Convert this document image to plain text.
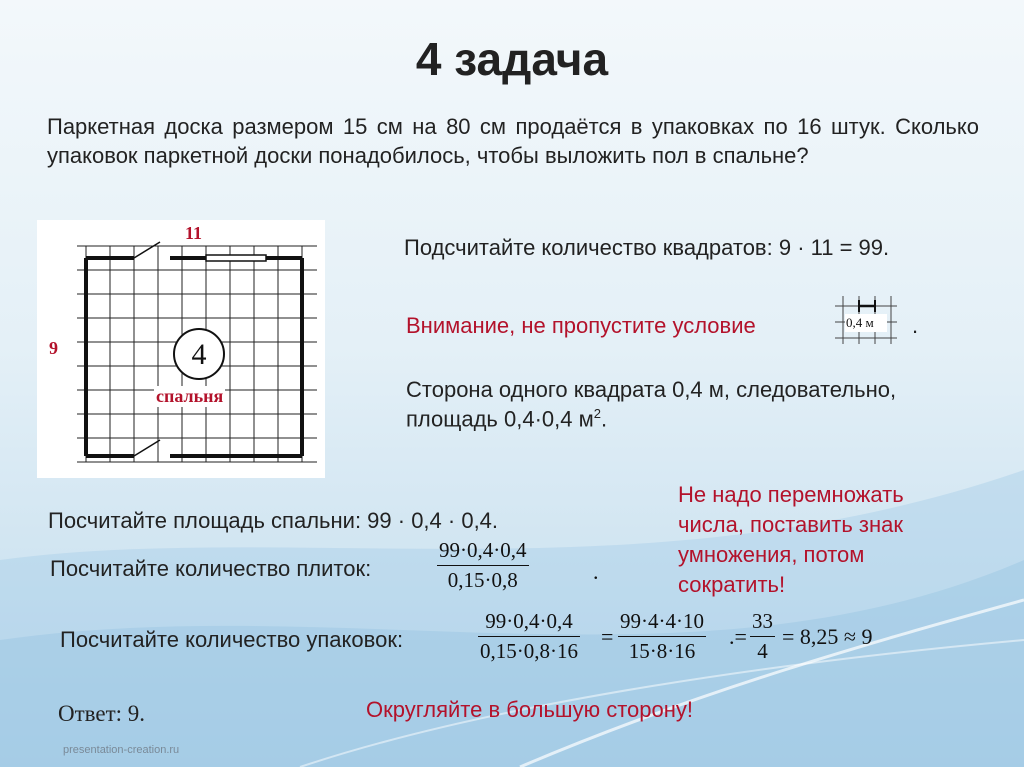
4 задача
Паркетная доска размером 15 см на 80 см продаётся в упаковках по 16 штук. Сколько упаковок паркетной доски понадобилось, чтобы выложить пол в спальне?
11
9	4
спальня
Подсчитайте количество квадратов: 9 · 11 = 99.
Внимание, не пропустите условие	0,4 м .
Сторона одного квадрата 0,4 м, следовательно,
площадь 0,4·0,4 $м^2$.
Посчитайте площадь спальни: 99 · 0,4 · 0,4.
Посчитайте количество плиток:
99·0,4·0,4
0,15·0,8	.
Посчитайте количество упаковок:
99·0,4·0,4
0,15·0,8·16
=
99·4·4·10
15·8·16
.=
33
4
= 8,25 ≈ 9
Не надо перемножать числа, поставить знак умножения, потом сократить!
Ответ: 9.	Округляйте в большую сторону!
presentation-creation.ru
